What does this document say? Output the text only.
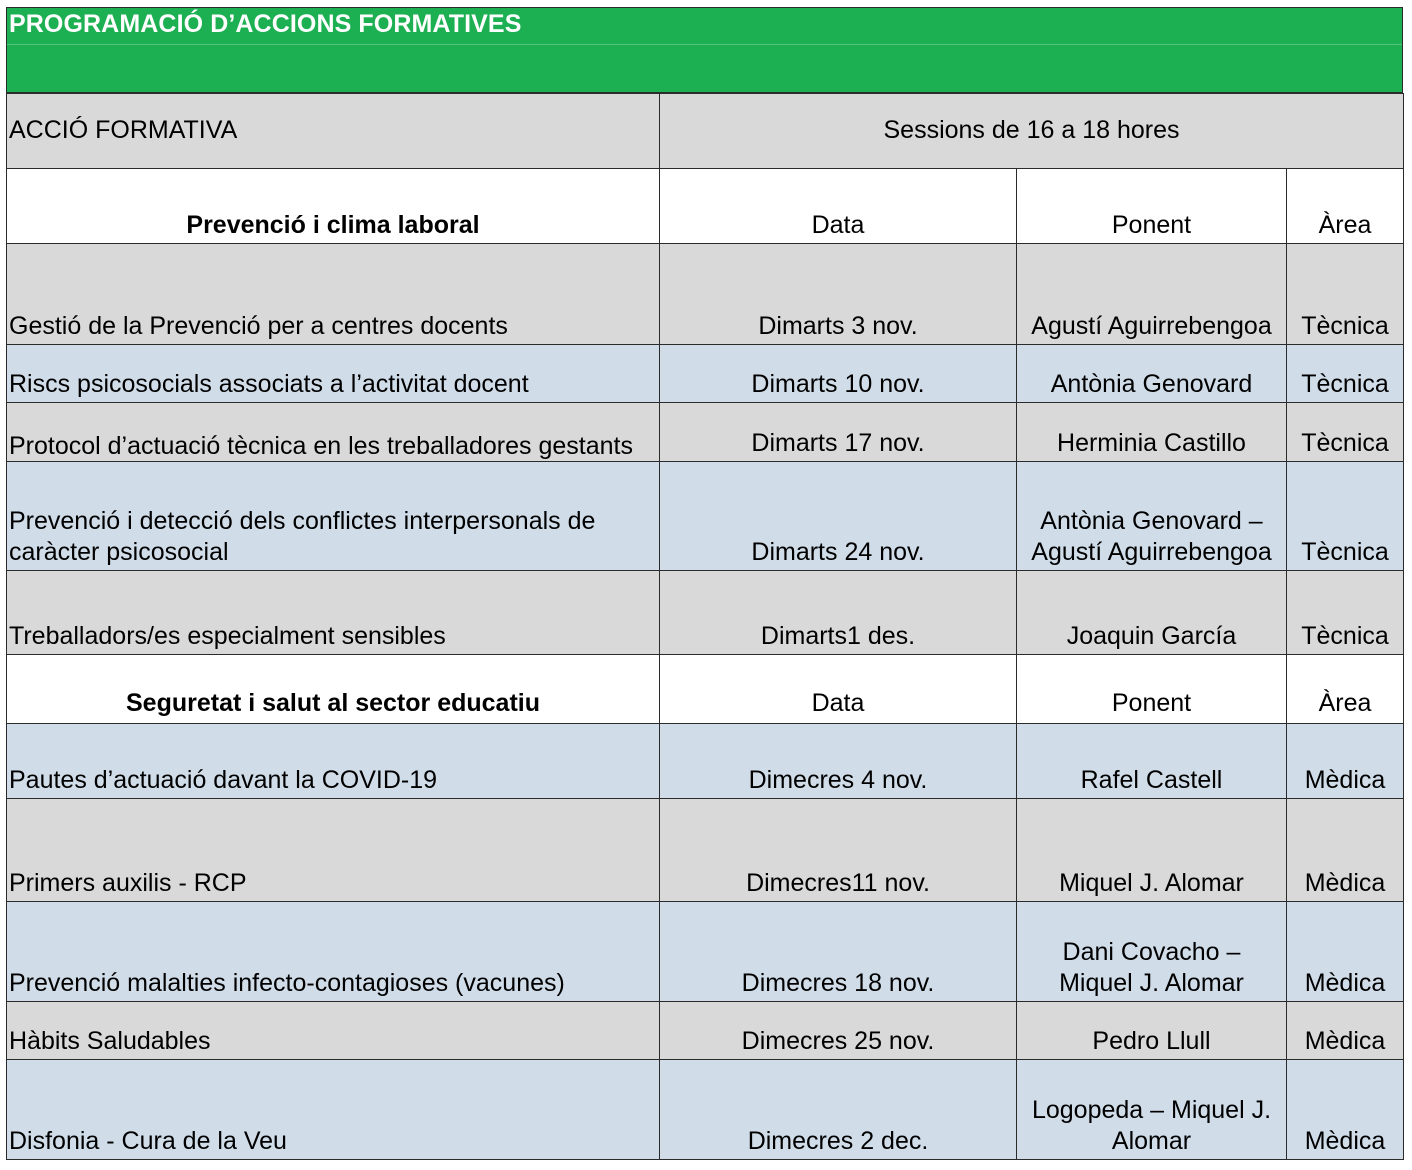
PROGRAMACIÓ D’ACCIONS FORMATIVES
ACCIÓ FORMATIVA	Sessions de 16 a 18 hores		
Prevenció i clima laboral	Data	Ponent	Àrea
Gestió de la Prevenció per a centres docents	Dimarts 3 nov.	Agustí Aguirrebengoa	Tècnica
Riscs psicosocials associats a l’activitat docent	Dimarts 10 nov.	Antònia Genovard	Tècnica
Protocol d’actuació tècnica en les treballadores gestants	Dimarts 17 nov.	Herminia Castillo	Tècnica
Prevenció i detecció dels conflictes interpersonals de caràcter psicosocial	Dimarts 24 nov.	Antònia Genovard – Agustí Aguirrebengoa	Tècnica
Treballadors/es especialment sensibles	Dimarts1 des.	Joaquin García	Tècnica
Seguretat i salut al sector educatiu	Data	Ponent	Àrea
Pautes d’actuació davant la COVID-19	Dimecres 4 nov.	Rafel Castell	Mèdica
Primers auxilis - RCP	Dimecres11 nov.	Miquel J. Alomar	Mèdica
Prevenció malalties infecto-contagioses (vacunes)	Dimecres 18 nov.	Dani Covacho – Miquel J. Alomar	Mèdica
Hàbits Saludables	Dimecres 25 nov.	Pedro Llull	Mèdica
Disfonia - Cura de la Veu	Dimecres 2 dec.	Logopeda – Miquel J. Alomar	Mèdica
